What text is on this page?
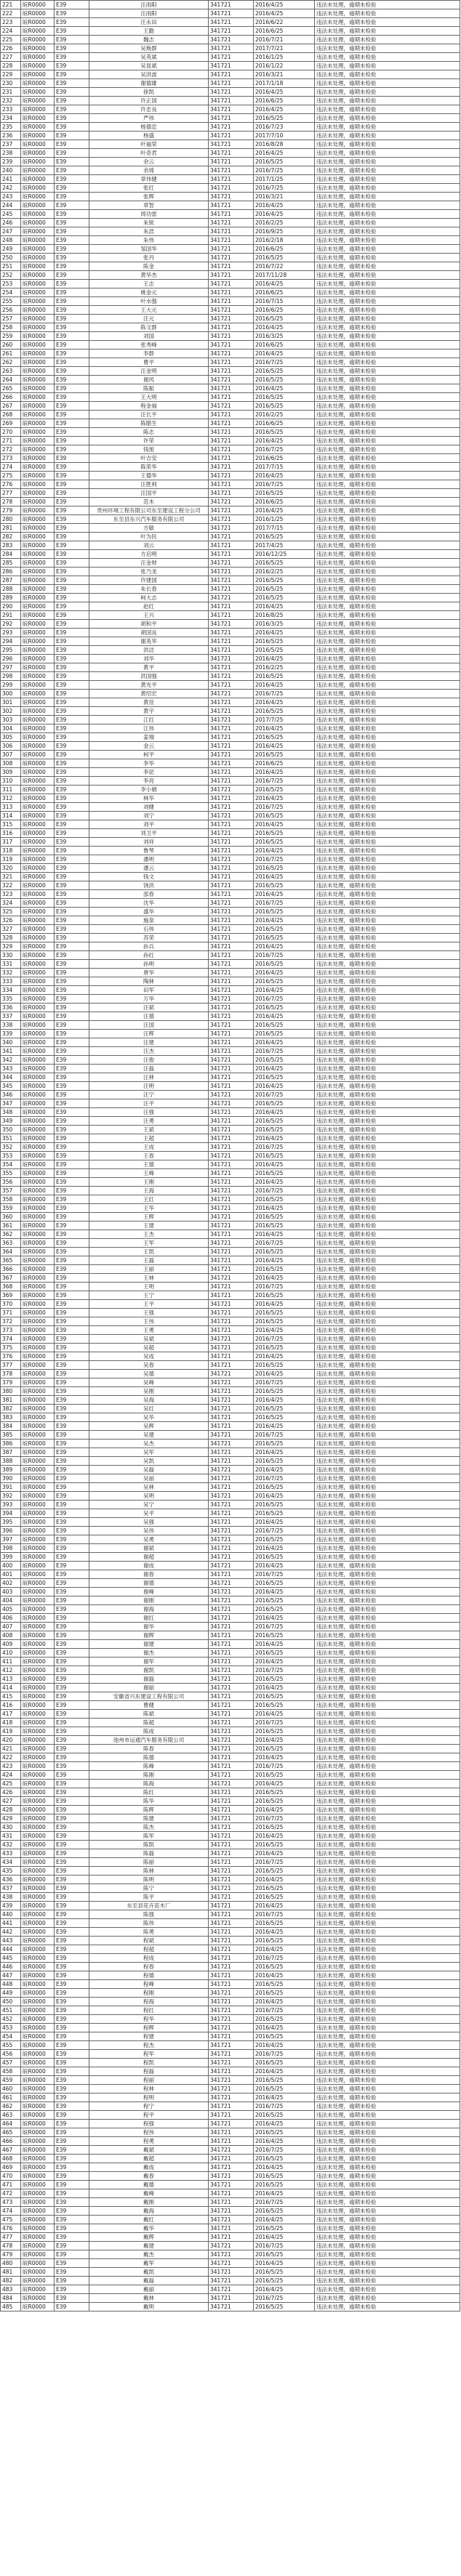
221	皖R0000	E39	汪雨阳	341721	2016/4/25	违法未处理，逾期未检验
222	皖R0000	E39	汪雨阳	341721	2016/4/25	违法未处理，逾期未检验
223	皖R0000	E39	汪永田	341721	2016/6/22	违法未处理，逾期未检验
224	皖R0000	E39	王勤	341721	2016/6/25	违法未处理，逾期未检验
225	皖R0000	E39	魏志	341721	2016/7/21	违法未处理，逾期未检验
226	皖R0000	E39	吴焕群	341721	2017/7/21	违法未处理，逾期未检验
227	皖R0000	E39	吴英斌	341721	2016/1/25	违法未处理，逾期未检验
228	皖R0000	E39	吴显斌	341721	2016/1/22	违法未处理，逾期未检验
229	皖R0000	E39	吴洪波	341721	2016/3/21	违法未处理，逾期未检验
230	皖R0000	E39	谢德雄	341721	2017/1/18	违法未处理，逾期未检验
231	皖R0000	E39	徐凯	341721	2016/4/25	违法未处理，逾期未检验
232	皖R0000	E39	许正国	341721	2016/6/25	违法未处理，逾期未检验
233	皖R0000	E39	许忠良	341721	2016/4/25	违法未处理，逾期未检验
234	皖R0000	E39	严伟	341721	2016/5/25	违法未处理，逾期未检验
235	皖R0000	E39	杨德忠	341721	2016/7/23	违法未处理，逾期未检验
236	皖R0000	E39	杨盛	341721	2017/7/10	违法未处理，逾期未检验
237	皖R0000	E39	叶福荣	341721	2016/8/28	违法未处理，逾期未检验
238	皖R0000	E39	叶奇君	341721	2016/4/25	违法未处理，逾期未检验
239	皖R0000	E39	余云	341721	2016/5/25	违法未处理，逾期未检验
240	皖R0000	E39	余琦	341721	2016/7/25	违法未处理，逾期未检验
241	皖R0000	E39	章伟健	341721	2017/1/25	违法未处理，逾期未检验
242	皖R0000	E39	张红	341721	2016/7/25	违法未处理，逾期未检验
243	皖R0000	E39	张辉	341721	2016/3/21	违法未处理，逾期未检验
244	皖R0000	E39	章智	341721	2016/4/25	违法未处理，逾期未检验
245	皖R0000	E39	周功雷	341721	2016/4/25	违法未处理，逾期未检验
246	皖R0000	E39	朱锐	341721	2016/2/25	违法未处理，逾期未检验
247	皖R0000	E39	朱浩	341721	2016/9/25	违法未处理，逾期未检验
248	皖R0000	E39	朱伟	341721	2016/2/18	违法未处理，逾期未检验
249	皖R0000	E39	邹国华	341721	2016/6/25	违法未处理，逾期未检验
250	皖R0000	E39	张丹	341721	2016/5/25	违法未处理，逾期未检验
251	皖R0000	E39	陈金	341721	2016/7/22	违法未处理，逾期未检验
252	皖R0000	E39	黄华杰	341721	2017/11/28	违法未处理，逾期未检验
253	皖R0000	E39	王志	341721	2016/4/25	违法未处理，逾期未检验
254	皖R0000	E39	姚金元	341721	2016/6/25	违法未处理，逾期未检验
255	皖R0000	E39	叶水强	341721	2016/7/15	违法未处理，逾期未检验
256	皖R0000	E39	王大元	341721	2016/6/25	违法未处理，逾期未检验
257	皖R0000	E39	汪元	341721	2016/5/25	违法未处理，逾期未检验
258	皖R0000	E39	陈文群	341721	2016/4/25	违法未处理，逾期未检验
259	皖R0000	E39	刘国	341721	2016/3/25	违法未处理，逾期未检验
260	皖R0000	E39	张秀峰	341721	2016/6/25	违法未处理，逾期未检验
261	皖R0000	E39	李群	341721	2016/4/25	违法未处理，逾期未检验
262	皖R0000	E39	曹平	341721	2016/7/25	违法未处理，逾期未检验
263	皖R0000	E39	汪金明	341721	2016/5/25	违法未处理，逾期未检验
264	皖R0000	E39	谢风	341721	2016/5/25	违法未处理，逾期未检验
265	皖R0000	E39	陈振	341721	2016/4/25	违法未处理，逾期未检验
266	皖R0000	E39	王大明	341721	2016/5/25	违法未处理，逾期未检验
267	皖R0000	E39	程金福	341721	2016/5/25	违法未处理，逾期未检验
268	皖R0000	E39	汪长平	341721	2016/2/25	违法未处理，逾期未检验
269	皖R0000	E39	陈腊生	341721	2016/6/25	违法未处理，逾期未检验
270	皖R0000	E39	陈志	341721	2016/5/25	违法未处理，逾期未检验
271	皖R0000	E39	许荣	341721	2016/4/25	违法未处理，逾期未检验
272	皖R0000	E39	钱旭	341721	2016/7/25	违法未处理，逾期未检验
273	皖R0000	E39	叶吉安	341721	2016/6/25	违法未处理，逾期未检验
274	皖R0000	E39	陈荣华	341721	2017/7/15	违法未处理，逾期未检验
275	皖R0000	E39	王德华	341721	2016/4/25	违法未处理，逾期未检验
276	皖R0000	E39	汪胜利	341721	2016/7/25	违法未处理，逾期未检验
277	皖R0000	E39	汪国平	341721	2016/5/25	违法未处理，逾期未检验
278	皖R0000	E39	范木	341721	2016/6/25	违法未处理，逾期未检验
279	皖R0000	E39	贵州环境工程有限公司东至建设工程分公司	341721	2016/4/25	违法未处理，逾期未检验
280	皖R0000	E39	东至县东兴汽车服务有限公司	341721	2016/1/25	违法未处理，逾期未检验
281	皖R0000	E39	方敏	341721	2017/7/15	违法未处理，逾期未检验
282	皖R0000	E39	叶为民	341721	2016/5/25	违法未处理，逾期未检验
283	皖R0000	E39	刘云	341721	2017/4/25	违法未处理，逾期未检验
284	皖R0000	E39	方启明	341721	2016/12/25	违法未处理，逾期未检验
285	皖R0000	E39	汪金财	341721	2016/5/25	违法未处理，逾期未检验
286	皖R0000	E39	张乃龙	341721	2016/2/25	违法未处理，逾期未检验
287	皖R0000	E39	许建国	341721	2016/5/25	违法未处理，逾期未检验
288	皖R0000	E39	朱长春	341721	2016/5/25	违法未处理，逾期未检验
289	皖R0000	E39	柯大志	341721	2016/5/25	违法未处理，逾期未检验
290	皖R0000	E39	赵红	341721	2016/4/25	违法未处理，逾期未检验
291	皖R0000	E39	王兴	341721	2016/8/25	违法未处理，逾期未检验
292	皖R0000	E39	胡和平	341721	2016/3/25	违法未处理，逾期未检验
293	皖R0000	E39	胡国良	341721	2016/4/25	违法未处理，逾期未检验
294	皖R0000	E39	谢英华	341721	2016/5/25	违法未处理，逾期未检验
295	皖R0000	E39	洪洁	341721	2016/5/25	违法未处理，逾期未检验
296	皖R0000	E39	刘华	341721	2016/4/25	违法未处理，逾期未检验
297	皖R0000	E39	黄平	341721	2016/2/25	违法未处理，逾期未检验
298	皖R0000	E39	洪国强	341721	2016/5/25	违法未处理，逾期未检验
299	皖R0000	E39	黄光平	341721	2016/4/25	违法未处理，逾期未检验
300	皖R0000	E39	黄绍宏	341721	2016/7/25	违法未处理，逾期未检验
301	皖R0000	E39	黄佳	341721	2016/4/25	违法未处理，逾期未检验
302	皖R0000	E39	黄宇	341721	2016/5/25	违法未处理，逾期未检验
303	皖R0000	E39	江红	341721	2017/7/25	违法未处理，逾期未检验
304	皖R0000	E39	江伟	341721	2016/4/25	违法未处理，逾期未检验
305	皖R0000	E39	姜翔	341721	2016/5/25	违法未处理，逾期未检验
306	皖R0000	E39	金云	341721	2016/4/25	违法未处理，逾期未检验
307	皖R0000	E39	柯平	341721	2016/5/25	违法未处理，逾期未检验
308	皖R0000	E39	李华	341721	2016/6/25	违法未处理，逾期未检验
309	皖R0000	E39	李昆	341721	2016/4/25	违法未处理，逾期未检验
310	皖R0000	E39	李亮	341721	2016/7/25	违法未处理，逾期未检验
311	皖R0000	E39	李小娟	341721	2016/5/25	违法未处理，逾期未检验
312	皖R0000	E39	林华	341721	2016/4/25	违法未处理，逾期未检验
313	皖R0000	E39	刘健	341721	2016/7/25	违法未处理，逾期未检验
314	皖R0000	E39	刘宁	341721	2016/5/25	违法未处理，逾期未检验
315	皖R0000	E39	刘平	341721	2016/4/25	违法未处理，逾期未检验
316	皖R0000	E39	刘卫平	341721	2016/5/25	违法未处理，逾期未检验
317	皖R0000	E39	刘祥	341721	2016/5/25	违法未处理，逾期未检验
318	皖R0000	E39	鲁琴	341721	2016/4/25	违法未处理，逾期未检验
319	皖R0000	E39	潘明	341721	2016/7/25	违法未处理，逾期未检验
320	皖R0000	E39	潘云	341721	2016/5/25	违法未处理，逾期未检验
321	皖R0000	E39	钱文	341721	2016/4/25	违法未处理，逾期未检验
322	皖R0000	E39	饶洪	341721	2016/5/25	违法未处理，逾期未检验
323	皖R0000	E39	邵春	341721	2016/4/25	违法未处理，逾期未检验
324	皖R0000	E39	沈华	341721	2016/7/25	违法未处理，逾期未检验
325	皖R0000	E39	盛华	341721	2016/5/25	违法未处理，逾期未检验
326	皖R0000	E39	施泉	341721	2016/4/25	违法未处理，逾期未检验
327	皖R0000	E39	石伟	341721	2016/5/25	违法未处理，逾期未检验
328	皖R0000	E39	苏荣	341721	2016/5/25	违法未处理，逾期未检验
329	皖R0000	E39	孙兵	341721	2016/4/25	违法未处理，逾期未检验
330	皖R0000	E39	孙红	341721	2016/7/25	违法未处理，逾期未检验
331	皖R0000	E39	孙明	341721	2016/5/25	违法未处理，逾期未检验
332	皖R0000	E39	唐华	341721	2016/4/25	违法未处理，逾期未检验
333	皖R0000	E39	陶林	341721	2016/5/25	违法未处理，逾期未检验
334	皖R0000	E39	田军	341721	2016/4/25	违法未处理，逾期未检验
335	皖R0000	E39	万华	341721	2016/7/25	违法未处理，逾期未检验
336	皖R0000	E39	汪斌	341721	2016/5/25	违法未处理，逾期未检验
337	皖R0000	E39	汪德	341721	2016/4/25	违法未处理，逾期未检验
338	皖R0000	E39	汪国	341721	2016/5/25	违法未处理，逾期未检验
339	皖R0000	E39	汪辉	341721	2016/5/25	违法未处理，逾期未检验
340	皖R0000	E39	汪建	341721	2016/4/25	违法未处理，逾期未检验
341	皖R0000	E39	汪杰	341721	2016/7/25	违法未处理，逾期未检验
342	皖R0000	E39	汪俊	341721	2016/5/25	违法未处理，逾期未检验
343	皖R0000	E39	汪磊	341721	2016/4/25	违法未处理，逾期未检验
344	皖R0000	E39	汪林	341721	2016/5/25	违法未处理，逾期未检验
345	皖R0000	E39	汪明	341721	2016/4/25	违法未处理，逾期未检验
346	皖R0000	E39	汪宁	341721	2016/7/25	违法未处理，逾期未检验
347	皖R0000	E39	汪平	341721	2016/5/25	违法未处理，逾期未检验
348	皖R0000	E39	汪强	341721	2016/4/25	违法未处理，逾期未检验
349	皖R0000	E39	汪勇	341721	2016/5/25	违法未处理，逾期未检验
350	皖R0000	E39	王斌	341721	2016/5/25	违法未处理，逾期未检验
351	皖R0000	E39	王超	341721	2016/4/25	违法未处理，逾期未检验
352	皖R0000	E39	王成	341721	2016/7/25	违法未处理，逾期未检验
353	皖R0000	E39	王春	341721	2016/5/25	违法未处理，逾期未检验
354	皖R0000	E39	王德	341721	2016/4/25	违法未处理，逾期未检验
355	皖R0000	E39	王峰	341721	2016/5/25	违法未处理，逾期未检验
356	皖R0000	E39	王刚	341721	2016/4/25	违法未处理，逾期未检验
357	皖R0000	E39	王海	341721	2016/7/25	违法未处理，逾期未检验
358	皖R0000	E39	王红	341721	2016/5/25	违法未处理，逾期未检验
359	皖R0000	E39	王华	341721	2016/4/25	违法未处理，逾期未检验
360	皖R0000	E39	王辉	341721	2016/5/25	违法未处理，逾期未检验
361	皖R0000	E39	王建	341721	2016/5/25	违法未处理，逾期未检验
362	皖R0000	E39	王杰	341721	2016/4/25	违法未处理，逾期未检验
363	皖R0000	E39	王军	341721	2016/7/25	违法未处理，逾期未检验
364	皖R0000	E39	王凯	341721	2016/5/25	违法未处理，逾期未检验
365	皖R0000	E39	王磊	341721	2016/4/25	违法未处理，逾期未检验
366	皖R0000	E39	王丽	341721	2016/5/25	违法未处理，逾期未检验
367	皖R0000	E39	王林	341721	2016/4/25	违法未处理，逾期未检验
368	皖R0000	E39	王明	341721	2016/7/25	违法未处理，逾期未检验
369	皖R0000	E39	王宁	341721	2016/5/25	违法未处理，逾期未检验
370	皖R0000	E39	王平	341721	2016/4/25	违法未处理，逾期未检验
371	皖R0000	E39	王强	341721	2016/5/25	违法未处理，逾期未检验
372	皖R0000	E39	王伟	341721	2016/5/25	违法未处理，逾期未检验
373	皖R0000	E39	王勇	341721	2016/4/25	违法未处理，逾期未检验
374	皖R0000	E39	吴斌	341721	2016/7/25	违法未处理，逾期未检验
375	皖R0000	E39	吴超	341721	2016/5/25	违法未处理，逾期未检验
376	皖R0000	E39	吴成	341721	2016/4/25	违法未处理，逾期未检验
377	皖R0000	E39	吴春	341721	2016/5/25	违法未处理，逾期未检验
378	皖R0000	E39	吴德	341721	2016/4/25	违法未处理，逾期未检验
379	皖R0000	E39	吴峰	341721	2016/7/25	违法未处理，逾期未检验
380	皖R0000	E39	吴刚	341721	2016/5/25	违法未处理，逾期未检验
381	皖R0000	E39	吴海	341721	2016/4/25	违法未处理，逾期未检验
382	皖R0000	E39	吴红	341721	2016/5/25	违法未处理，逾期未检验
383	皖R0000	E39	吴华	341721	2016/5/25	违法未处理，逾期未检验
384	皖R0000	E39	吴辉	341721	2016/4/25	违法未处理，逾期未检验
385	皖R0000	E39	吴建	341721	2016/7/25	违法未处理，逾期未检验
386	皖R0000	E39	吴杰	341721	2016/5/25	违法未处理，逾期未检验
387	皖R0000	E39	吴军	341721	2016/4/25	违法未处理，逾期未检验
388	皖R0000	E39	吴凯	341721	2016/5/25	违法未处理，逾期未检验
389	皖R0000	E39	吴磊	341721	2016/4/25	违法未处理，逾期未检验
390	皖R0000	E39	吴丽	341721	2016/7/25	违法未处理，逾期未检验
391	皖R0000	E39	吴林	341721	2016/5/25	违法未处理，逾期未检验
392	皖R0000	E39	吴明	341721	2016/4/25	违法未处理，逾期未检验
393	皖R0000	E39	吴宁	341721	2016/5/25	违法未处理，逾期未检验
394	皖R0000	E39	吴平	341721	2016/5/25	违法未处理，逾期未检验
395	皖R0000	E39	吴强	341721	2016/4/25	违法未处理，逾期未检验
396	皖R0000	E39	吴伟	341721	2016/7/25	违法未处理，逾期未检验
397	皖R0000	E39	吴勇	341721	2016/5/25	违法未处理，逾期未检验
398	皖R0000	E39	谢斌	341721	2016/4/25	违法未处理，逾期未检验
399	皖R0000	E39	谢超	341721	2016/5/25	违法未处理，逾期未检验
400	皖R0000	E39	谢成	341721	2016/4/25	违法未处理，逾期未检验
401	皖R0000	E39	谢春	341721	2016/7/25	违法未处理，逾期未检验
402	皖R0000	E39	谢德	341721	2016/5/25	违法未处理，逾期未检验
403	皖R0000	E39	谢峰	341721	2016/4/25	违法未处理，逾期未检验
404	皖R0000	E39	谢刚	341721	2016/5/25	违法未处理，逾期未检验
405	皖R0000	E39	谢海	341721	2016/5/25	违法未处理，逾期未检验
406	皖R0000	E39	谢红	341721	2016/4/25	违法未处理，逾期未检验
407	皖R0000	E39	谢华	341721	2016/7/25	违法未处理，逾期未检验
408	皖R0000	E39	谢辉	341721	2016/5/25	违法未处理，逾期未检验
409	皖R0000	E39	谢建	341721	2016/4/25	违法未处理，逾期未检验
410	皖R0000	E39	谢杰	341721	2016/5/25	违法未处理，逾期未检验
411	皖R0000	E39	谢军	341721	2016/4/25	违法未处理，逾期未检验
412	皖R0000	E39	谢凯	341721	2016/7/25	违法未处理，逾期未检验
413	皖R0000	E39	谢磊	341721	2016/5/25	违法未处理，逾期未检验
414	皖R0000	E39	谢丽	341721	2016/4/25	违法未处理，逾期未检验
415	皖R0000	E39	安徽省兴东建设工程有限公司	341721	2016/5/25	违法未处理，逾期未检验
416	皖R0000	E39	曹健	341721	2016/5/25	违法未处理，逾期未检验
417	皖R0000	E39	陈斌	341721	2016/4/25	违法未处理，逾期未检验
418	皖R0000	E39	陈超	341721	2016/7/25	违法未处理，逾期未检验
419	皖R0000	E39	陈成	341721	2016/5/25	违法未处理，逾期未检验
420	皖R0000	E39	池州市运通汽车服务有限公司	341721	2016/4/25	违法未处理，逾期未检验
421	皖R0000	E39	陈春	341721	2016/5/25	违法未处理，逾期未检验
422	皖R0000	E39	陈德	341721	2016/4/25	违法未处理，逾期未检验
423	皖R0000	E39	陈峰	341721	2016/7/25	违法未处理，逾期未检验
424	皖R0000	E39	陈刚	341721	2016/5/25	违法未处理，逾期未检验
425	皖R0000	E39	陈海	341721	2016/4/25	违法未处理，逾期未检验
426	皖R0000	E39	陈红	341721	2016/5/25	违法未处理，逾期未检验
427	皖R0000	E39	陈华	341721	2016/5/25	违法未处理，逾期未检验
428	皖R0000	E39	陈辉	341721	2016/4/25	违法未处理，逾期未检验
429	皖R0000	E39	陈建	341721	2016/7/25	违法未处理，逾期未检验
430	皖R0000	E39	陈杰	341721	2016/5/25	违法未处理，逾期未检验
431	皖R0000	E39	陈军	341721	2016/4/25	违法未处理，逾期未检验
432	皖R0000	E39	陈凯	341721	2016/5/25	违法未处理，逾期未检验
433	皖R0000	E39	陈磊	341721	2016/4/25	违法未处理，逾期未检验
434	皖R0000	E39	陈丽	341721	2016/7/25	违法未处理，逾期未检验
435	皖R0000	E39	陈林	341721	2016/5/25	违法未处理，逾期未检验
436	皖R0000	E39	陈明	341721	2016/4/25	违法未处理，逾期未检验
437	皖R0000	E39	陈宁	341721	2016/5/25	违法未处理，逾期未检验
438	皖R0000	E39	陈平	341721	2016/5/25	违法未处理，逾期未检验
439	皖R0000	E39	东至县花卉苗木厂	341721	2016/4/25	违法未处理，逾期未检验
440	皖R0000	E39	陈强	341721	2016/7/25	违法未处理，逾期未检验
441	皖R0000	E39	陈伟	341721	2016/5/25	违法未处理，逾期未检验
442	皖R0000	E39	陈勇	341721	2016/4/25	违法未处理，逾期未检验
443	皖R0000	E39	程斌	341721	2016/5/25	违法未处理，逾期未检验
444	皖R0000	E39	程超	341721	2016/4/25	违法未处理，逾期未检验
445	皖R0000	E39	程成	341721	2016/7/25	违法未处理，逾期未检验
446	皖R0000	E39	程春	341721	2016/5/25	违法未处理，逾期未检验
447	皖R0000	E39	程德	341721	2016/4/25	违法未处理，逾期未检验
448	皖R0000	E39	程峰	341721	2016/5/25	违法未处理，逾期未检验
449	皖R0000	E39	程刚	341721	2016/5/25	违法未处理，逾期未检验
450	皖R0000	E39	程海	341721	2016/4/25	违法未处理，逾期未检验
451	皖R0000	E39	程红	341721	2016/7/25	违法未处理，逾期未检验
452	皖R0000	E39	程华	341721	2016/5/25	违法未处理，逾期未检验
453	皖R0000	E39	程辉	341721	2016/4/25	违法未处理，逾期未检验
454	皖R0000	E39	程建	341721	2016/5/25	违法未处理，逾期未检验
455	皖R0000	E39	程杰	341721	2016/4/25	违法未处理，逾期未检验
456	皖R0000	E39	程军	341721	2016/7/25	违法未处理，逾期未检验
457	皖R0000	E39	程凯	341721	2016/5/25	违法未处理，逾期未检验
458	皖R0000	E39	程磊	341721	2016/4/25	违法未处理，逾期未检验
459	皖R0000	E39	程丽	341721	2016/5/25	违法未处理，逾期未检验
460	皖R0000	E39	程林	341721	2016/5/25	违法未处理，逾期未检验
461	皖R0000	E39	程明	341721	2016/4/25	违法未处理，逾期未检验
462	皖R0000	E39	程宁	341721	2016/7/25	违法未处理，逾期未检验
463	皖R0000	E39	程平	341721	2016/5/25	违法未处理，逾期未检验
464	皖R0000	E39	程强	341721	2016/4/25	违法未处理，逾期未检验
465	皖R0000	E39	程伟	341721	2016/5/25	违法未处理，逾期未检验
466	皖R0000	E39	程勇	341721	2016/4/25	违法未处理，逾期未检验
467	皖R0000	E39	戴斌	341721	2016/7/25	违法未处理，逾期未检验
468	皖R0000	E39	戴超	341721	2016/5/25	违法未处理，逾期未检验
469	皖R0000	E39	戴成	341721	2016/4/25	违法未处理，逾期未检验
470	皖R0000	E39	戴春	341721	2016/5/25	违法未处理，逾期未检验
471	皖R0000	E39	戴德	341721	2016/5/25	违法未处理，逾期未检验
472	皖R0000	E39	戴峰	341721	2016/4/25	违法未处理，逾期未检验
473	皖R0000	E39	戴刚	341721	2016/7/25	违法未处理，逾期未检验
474	皖R0000	E39	戴海	341721	2016/5/25	违法未处理，逾期未检验
475	皖R0000	E39	戴红	341721	2016/4/25	违法未处理，逾期未检验
476	皖R0000	E39	戴华	341721	2016/5/25	违法未处理，逾期未检验
477	皖R0000	E39	戴辉	341721	2016/4/25	违法未处理，逾期未检验
478	皖R0000	E39	戴建	341721	2016/7/25	违法未处理，逾期未检验
479	皖R0000	E39	戴杰	341721	2016/5/25	违法未处理，逾期未检验
480	皖R0000	E39	戴军	341721	2016/4/25	违法未处理，逾期未检验
481	皖R0000	E39	戴凯	341721	2016/5/25	违法未处理，逾期未检验
482	皖R0000	E39	戴磊	341721	2016/5/25	违法未处理，逾期未检验
483	皖R0000	E39	戴丽	341721	2016/4/25	违法未处理，逾期未检验
484	皖R0000	E39	戴林	341721	2016/7/25	违法未处理，逾期未检验
485	皖R0000	E39	戴明	341721	2016/5/25	违法未处理，逾期未检验
